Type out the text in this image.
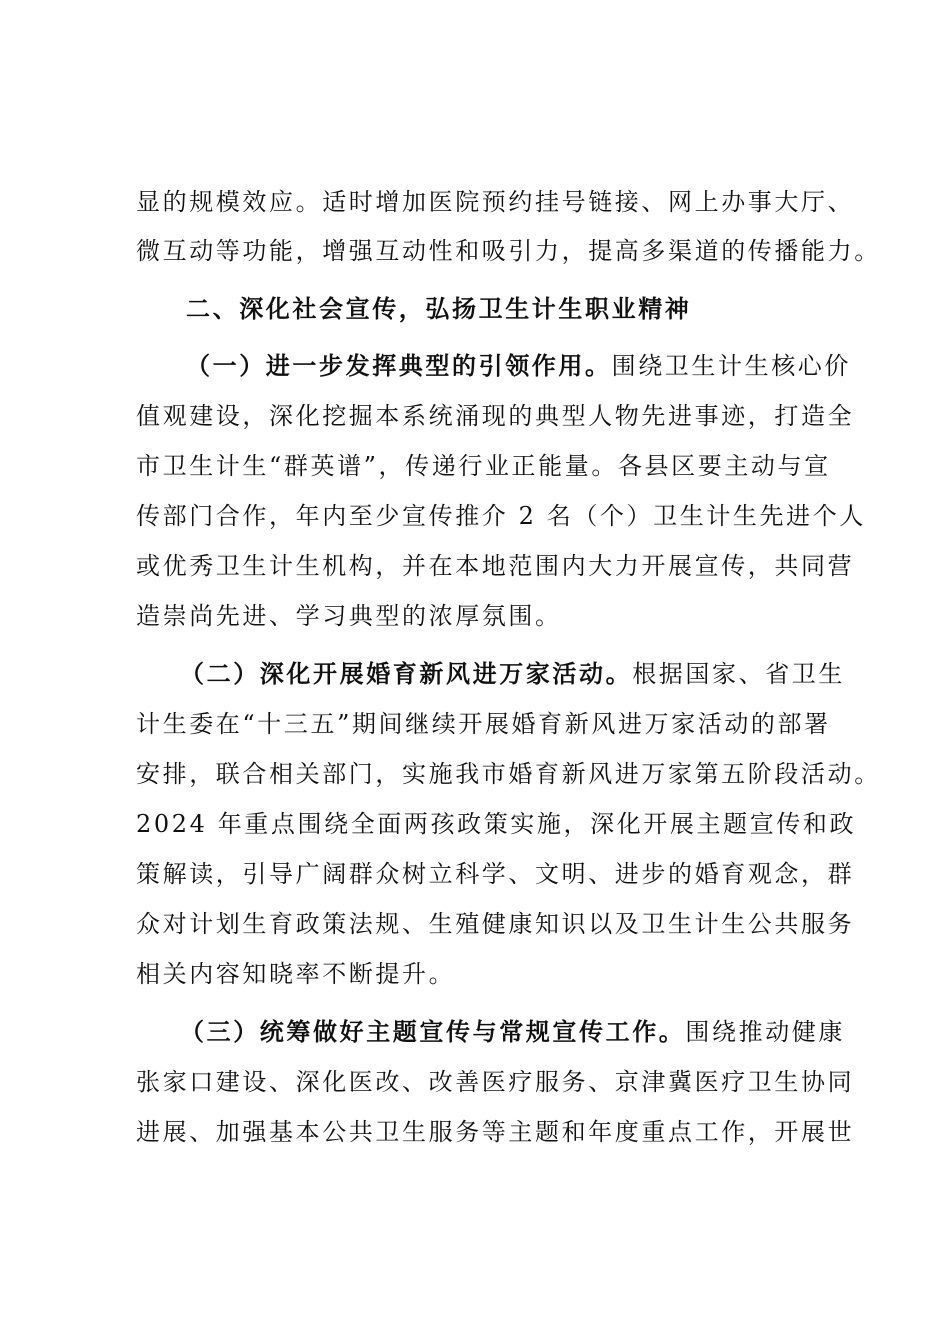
显的规模效应。适时增加医院预约挂号链接、网上办事大厅、
微互动等功能，增强互动性和吸引力，提高多渠道的传播能力。
二、深化社会宣传，弘扬卫生计生职业精神
（一）进一步发挥典型的引领作用。围绕卫生计生核心价
值观建设，深化挖掘本系统涌现的典型人物先进事迹，打造全
市卫生计生“群英谱”，传递行业正能量。各县区要主动与宣
传部门合作，年内至少宣传推介 2 名（个）卫生计生先进个人
或优秀卫生计生机构，并在本地范围内大力开展宣传，共同营
造崇尚先进、学习典型的浓厚氛围。
（二）深化开展婚育新风进万家活动。根据国家、省卫生
计生委在“十三五”期间继续开展婚育新风进万家活动的部署
安排，联合相关部门，实施我市婚育新风进万家第五阶段活动。
2024 年重点围绕全面两孩政策实施，深化开展主题宣传和政
策解读，引导广阔群众树立科学、文明、进步的婚育观念，群
众对计划生育政策法规、生殖健康知识以及卫生计生公共服务
相关内容知晓率不断提升。
（三）统筹做好主题宣传与常规宣传工作。围绕推动健康
张家口建设、深化医改、改善医疗服务、京津冀医疗卫生协同
进展、加强基本公共卫生服务等主题和年度重点工作，开展世
